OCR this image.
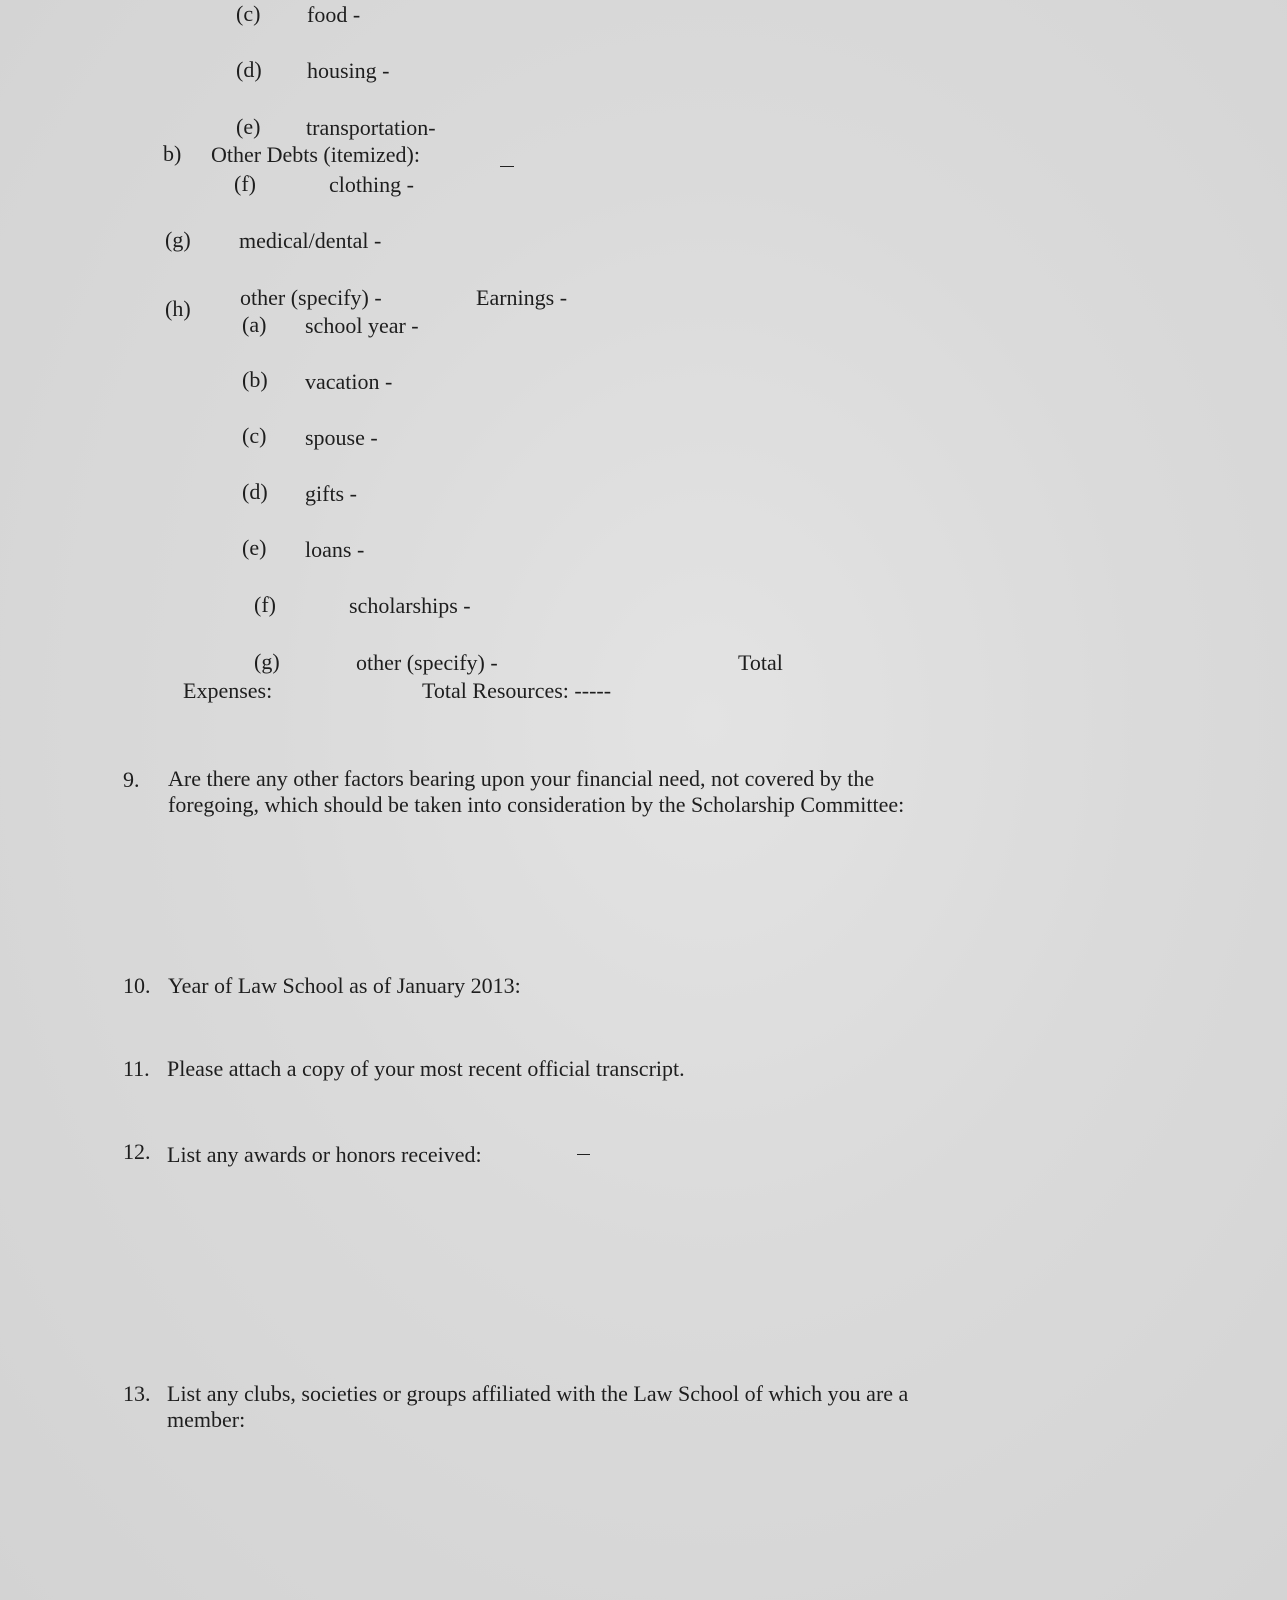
(c) food -
(d) housing -
(e) transportation-
b) Other Debts (itemized):
(f)	clothing -
(g) medical/dental -
(h) other (specify) -	Earnings -
(a) school year -
(b) vacation -
(c) spouse -
(d) gifts -
(e) loans -
(f)	scholarships -
(g)	other (specify) -	Total
Expenses:	Total Resources: -----
9. Are there any other factors bearing upon your financial need, not covered by the
foregoing, which should be taken into consideration by the Scholarship Committee:
10. Year of Law School as of January 2013:
11. Please attach a copy of your most recent official transcript.
12. List any awards or honors received:
13. List any clubs, societies or groups affiliated with the Law School of which you are a
member:
